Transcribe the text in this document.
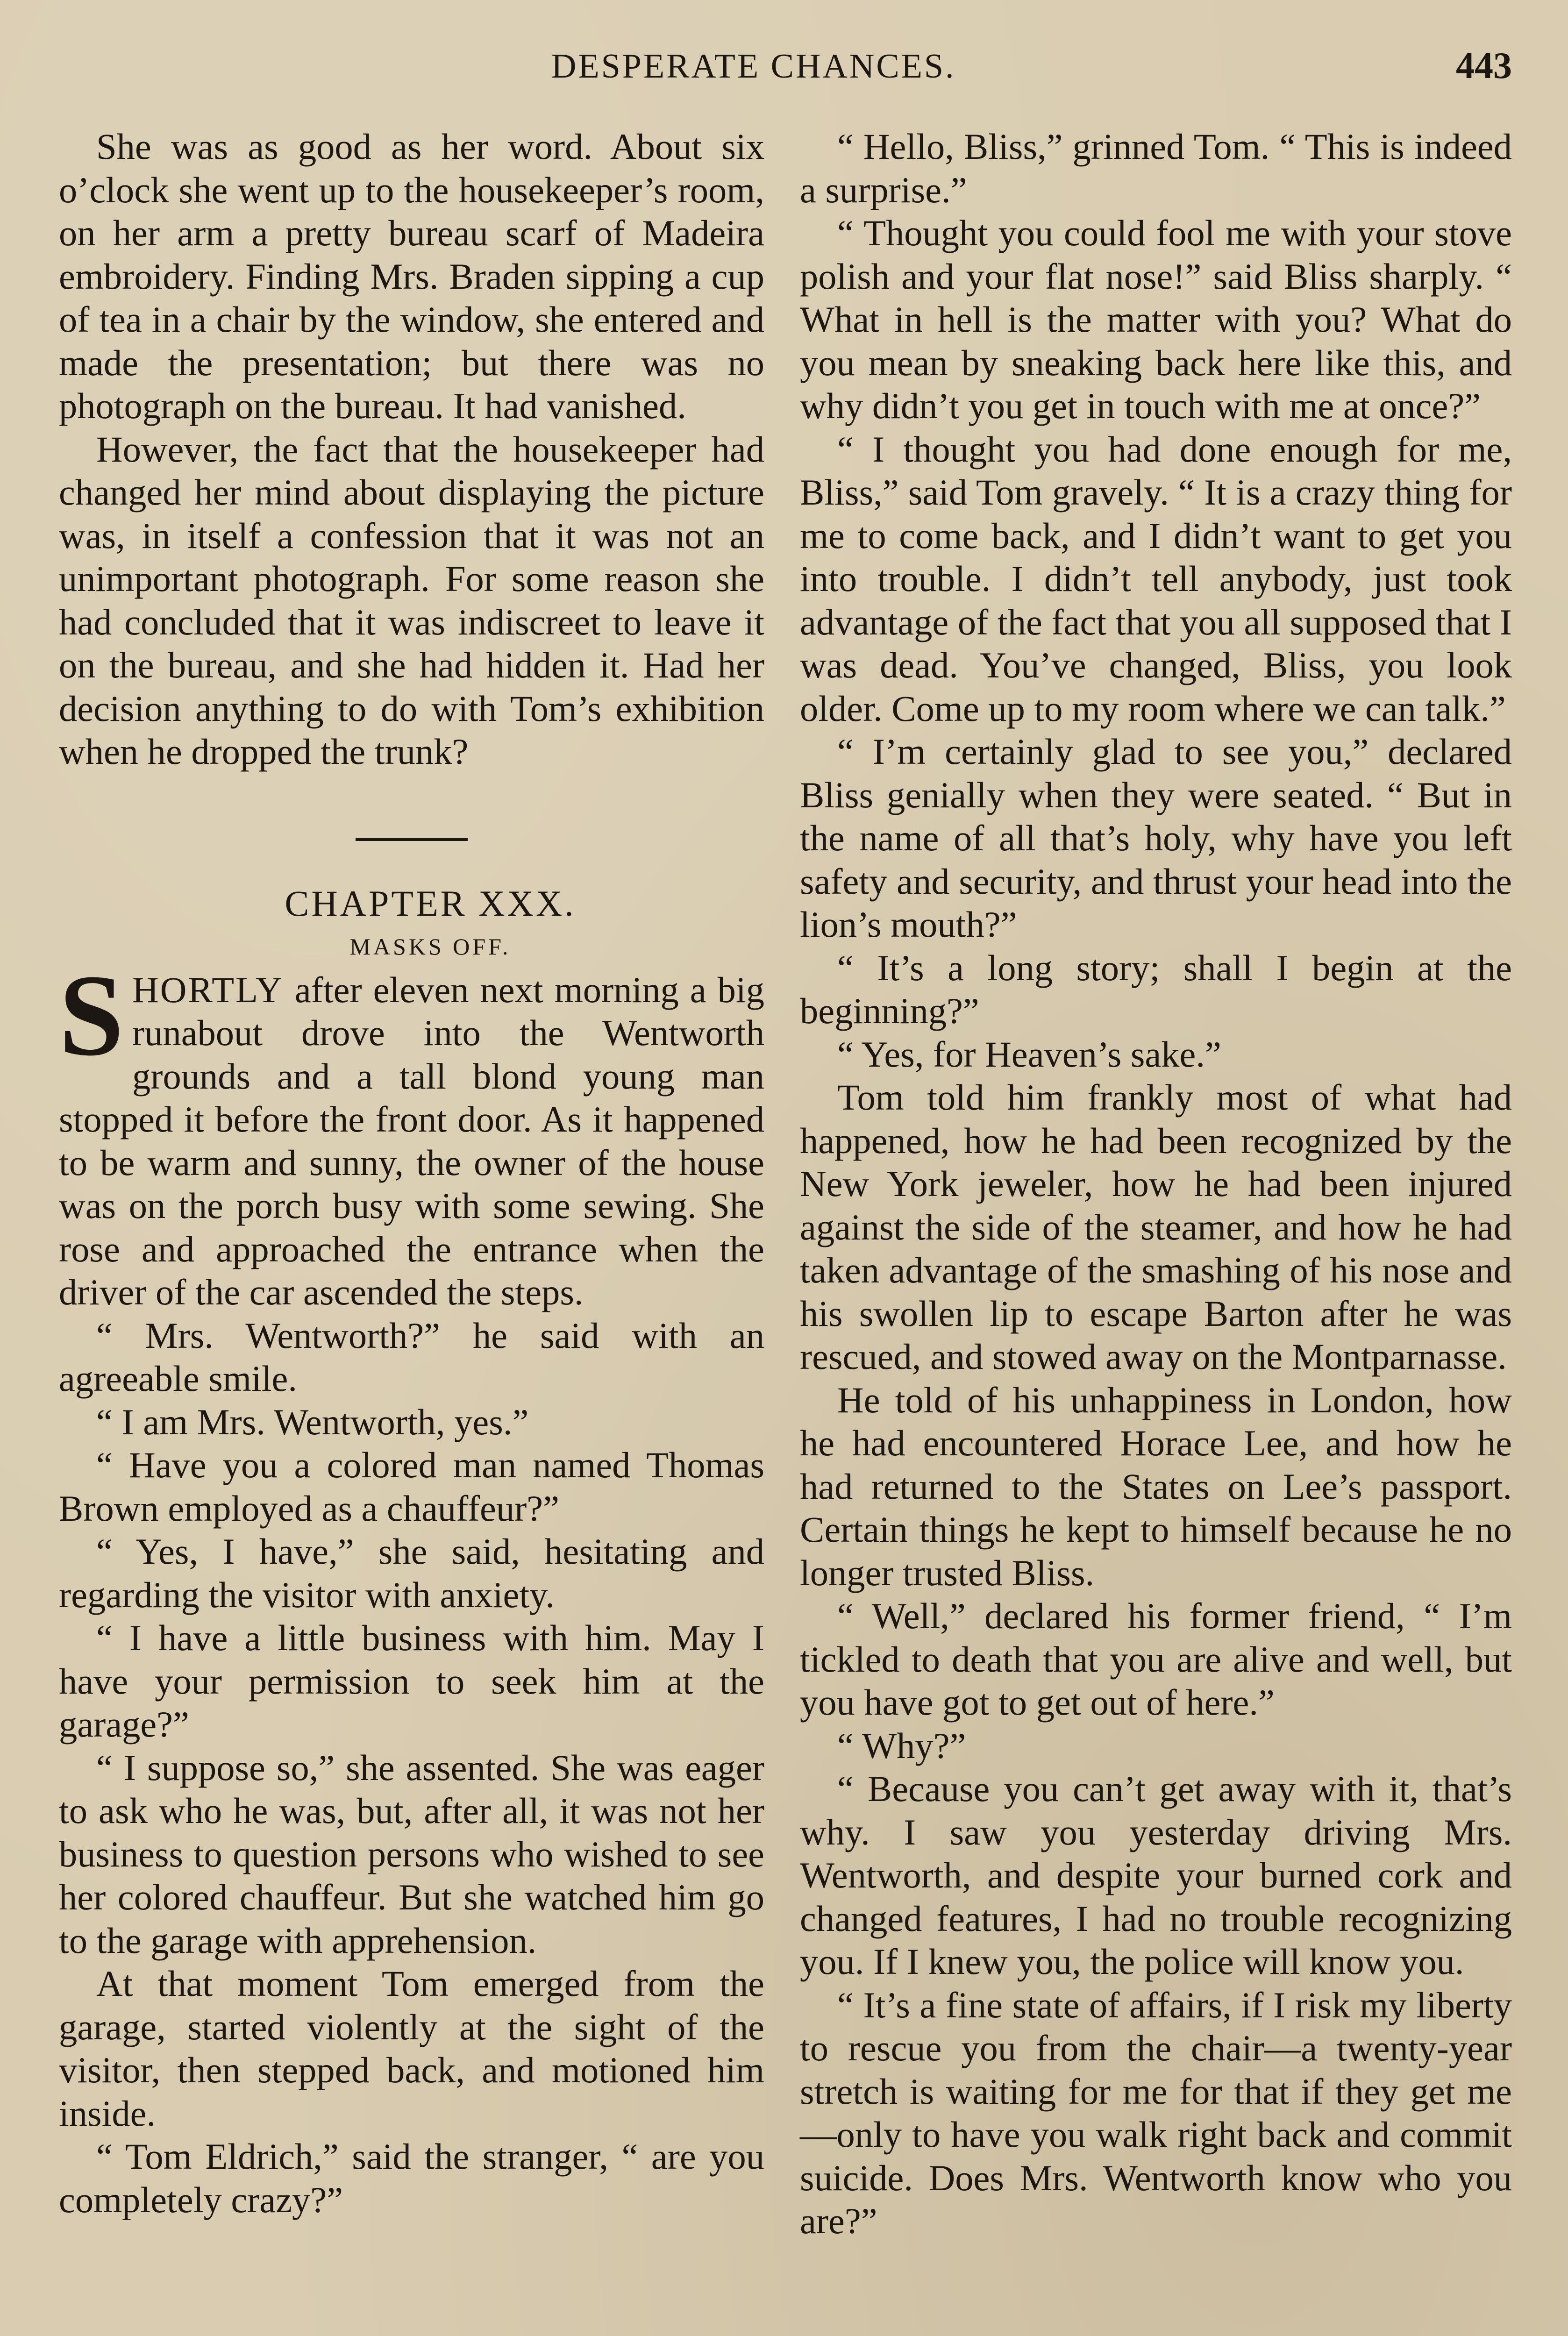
DESPERATE CHANCES.	443

She was as good as her word. About six o’clock she went up to the housekeeper’s room, on her arm a pretty bureau scarf of Madeira embroidery. Finding Mrs. Braden sipping a cup of tea in a chair by the window, she entered and made the presentation; but there was no photograph on the bureau. It had vanished.

However, the fact that the housekeeper had changed her mind about displaying the picture was, in itself a confession that it was not an unimportant photograph. For some reason she had concluded that it was indiscreet to leave it on the bureau, and she had hidden it. Had her decision anything to do with Tom’s exhibition when he dropped the trunk?

CHAPTER XXX.

MASKS OFF.

SHORTLY after eleven next morning a big runabout drove into the Wentworth grounds and a tall blond young man stopped it before the front door. As it happened to be warm and sunny, the owner of the house was on the porch busy with some sewing. She rose and approached the entrance when the driver of the car ascended the steps.

“ Mrs. Wentworth?” he said with an agreeable smile.

“ I am Mrs. Wentworth, yes.”

“ Have you a colored man named Thomas Brown employed as a chauffeur?”

“ Yes, I have,” she said, hesitating and regarding the visitor with anxiety.

“ I have a little business with him. May I have your permission to seek him at the garage?”

“ I suppose so,” she assented. She was eager to ask who he was, but, after all, it was not her business to question persons who wished to see her colored chauffeur. But she watched him go to the garage with apprehension.

At that moment Tom emerged from the garage, started violently at the sight of the visitor, then stepped back, and motioned him inside.

“ Tom Eldrich,” said the stranger, “ are you completely crazy?”

“ Hello, Bliss,” grinned Tom. “ This is indeed a surprise.”

“ Thought you could fool me with your stove polish and your flat nose!” said Bliss sharply. “ What in hell is the matter with you? What do you mean by sneaking back here like this, and why didn’t you get in touch with me at once?”

“ I thought you had done enough for me, Bliss,” said Tom gravely. “ It is a crazy thing for me to come back, and I didn’t want to get you into trouble. I didn’t tell anybody, just took advantage of the fact that you all supposed that I was dead. You’ve changed, Bliss, you look older. Come up to my room where we can talk.”

“ I’m certainly glad to see you,” declared Bliss genially when they were seated. “ But in the name of all that’s holy, why have you left safety and security, and thrust your head into the lion’s mouth?”

“ It’s a long story; shall I begin at the beginning?”

“ Yes, for Heaven’s sake.”

Tom told him frankly most of what had happened, how he had been recognized by the New York jeweler, how he had been injured against the side of the steamer, and how he had taken advantage of the smashing of his nose and his swollen lip to escape Barton after he was rescued, and stowed away on the Montparnasse.

He told of his unhappiness in London, how he had encountered Horace Lee, and how he had returned to the States on Lee’s passport. Certain things he kept to himself because he no longer trusted Bliss.

“ Well,” declared his former friend, “ I’m tickled to death that you are alive and well, but you have got to get out of here.”

“ Why?”

“ Because you can’t get away with it, that’s why. I saw you yesterday driving Mrs. Wentworth, and despite your burned cork and changed features, I had no trouble recognizing you. If I knew you, the police will know you.

“ It’s a fine state of affairs, if I risk my liberty to rescue you from the chair—a twenty-year stretch is waiting for me for that if they get me—only to have you walk right back and commit suicide. Does Mrs. Wentworth know who you are?”
